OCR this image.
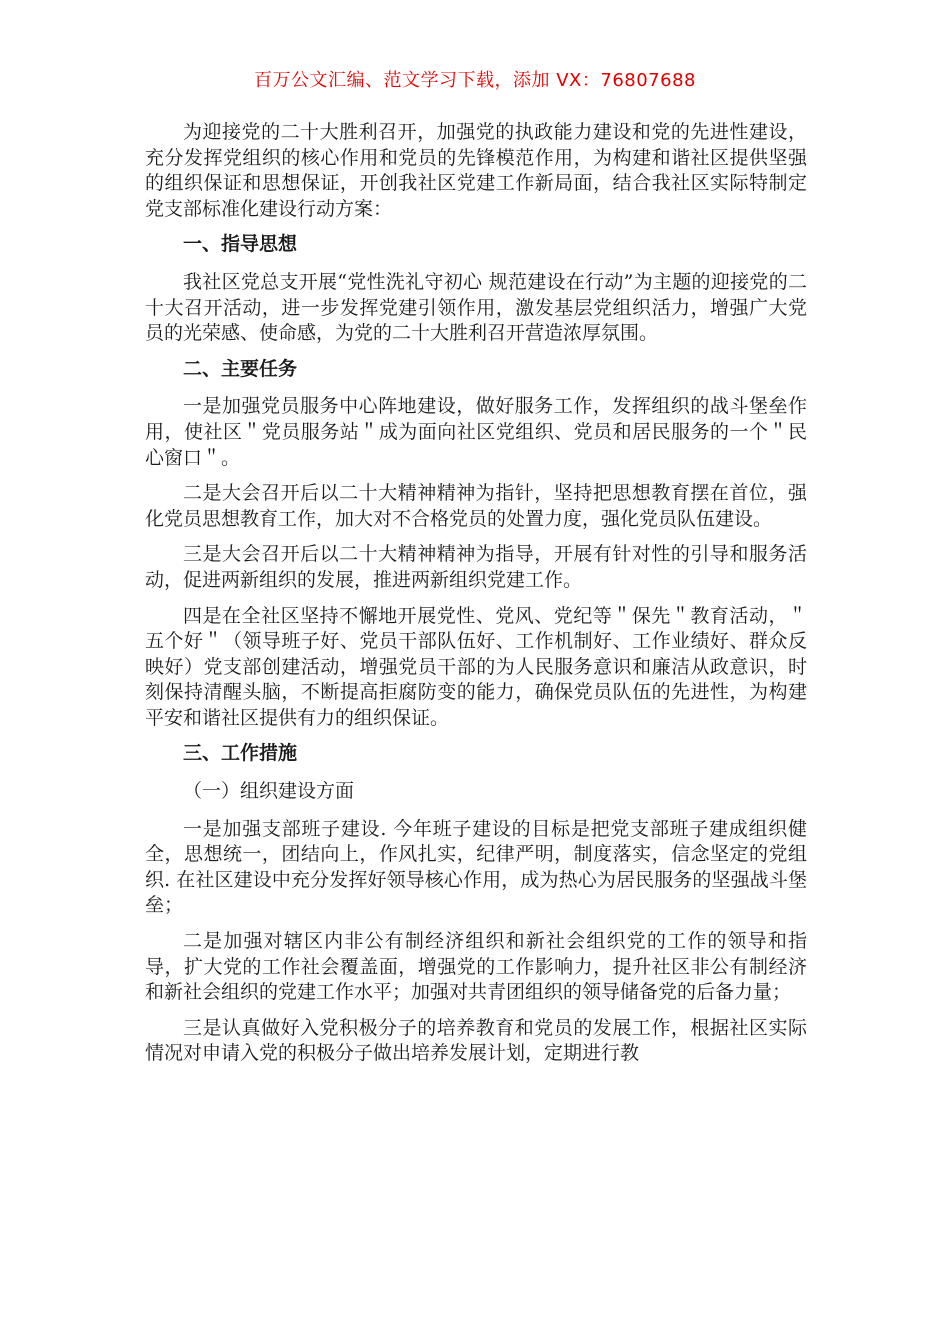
百万公文汇编、范文学习下载，添加 VX：76807688

为迎接党的二十大胜利召开，加强党的执政能力建设和党的先进性建设，充分发挥党组织的核心作用和党员的先锋模范作用，为构建和谐社区提供坚强的组织保证和思想保证，开创我社区党建工作新局面，结合我社区实际特制定党支部标准化建设行动方案：

一、指导思想

我社区党总支开展“党性洗礼守初心 规范建设在行动”为主题的迎接党的二十大召开活动，进一步发挥党建引领作用，激发基层党组织活力，增强广大党员的光荣感、使命感，为党的二十大胜利召开营造浓厚氛围。

二、主要任务

一是加强党员服务中心阵地建设，做好服务工作，发挥组织的战斗堡垒作用，使社区＂党员服务站＂成为面向社区党组织、党员和居民服务的一个＂民心窗口＂。

二是大会召开后以二十大精神精神为指针，坚持把思想教育摆在首位，强化党员思想教育工作，加大对不合格党员的处置力度，强化党员队伍建设。

三是大会召开后以二十大精神精神为指导，开展有针对性的引导和服务活动，促进两新组织的发展，推进两新组织党建工作。

四是在全社区坚持不懈地开展党性、党风、党纪等＂保先＂教育活动，＂五个好＂（领导班子好、党员干部队伍好、工作机制好、工作业绩好、群众反映好）党支部创建活动，增强党员干部的为人民服务意识和廉洁从政意识，时刻保持清醒头脑，不断提高拒腐防变的能力，确保党员队伍的先进性，为构建平安和谐社区提供有力的组织保证。

三、工作措施
（一）组织建设方面

一是加强支部班子建设. 今年班子建设的目标是把党支部班子建成组织健全，思想统一，团结向上，作风扎实，纪律严明，制度落实，信念坚定的党组织. 在社区建设中充分发挥好领导核心作用，成为热心为居民服务的坚强战斗堡垒；

二是加强对辖区内非公有制经济组织和新社会组织党的工作的领导和指导，扩大党的工作社会覆盖面，增强党的工作影响力，提升社区非公有制经济和新社会组织的党建工作水平；加强对共青团组织的领导储备党的后备力量；

三是认真做好入党积极分子的培养教育和党员的发展工作，根据社区实际情况对申请入党的积极分子做出培养发展计划，定期进行教
